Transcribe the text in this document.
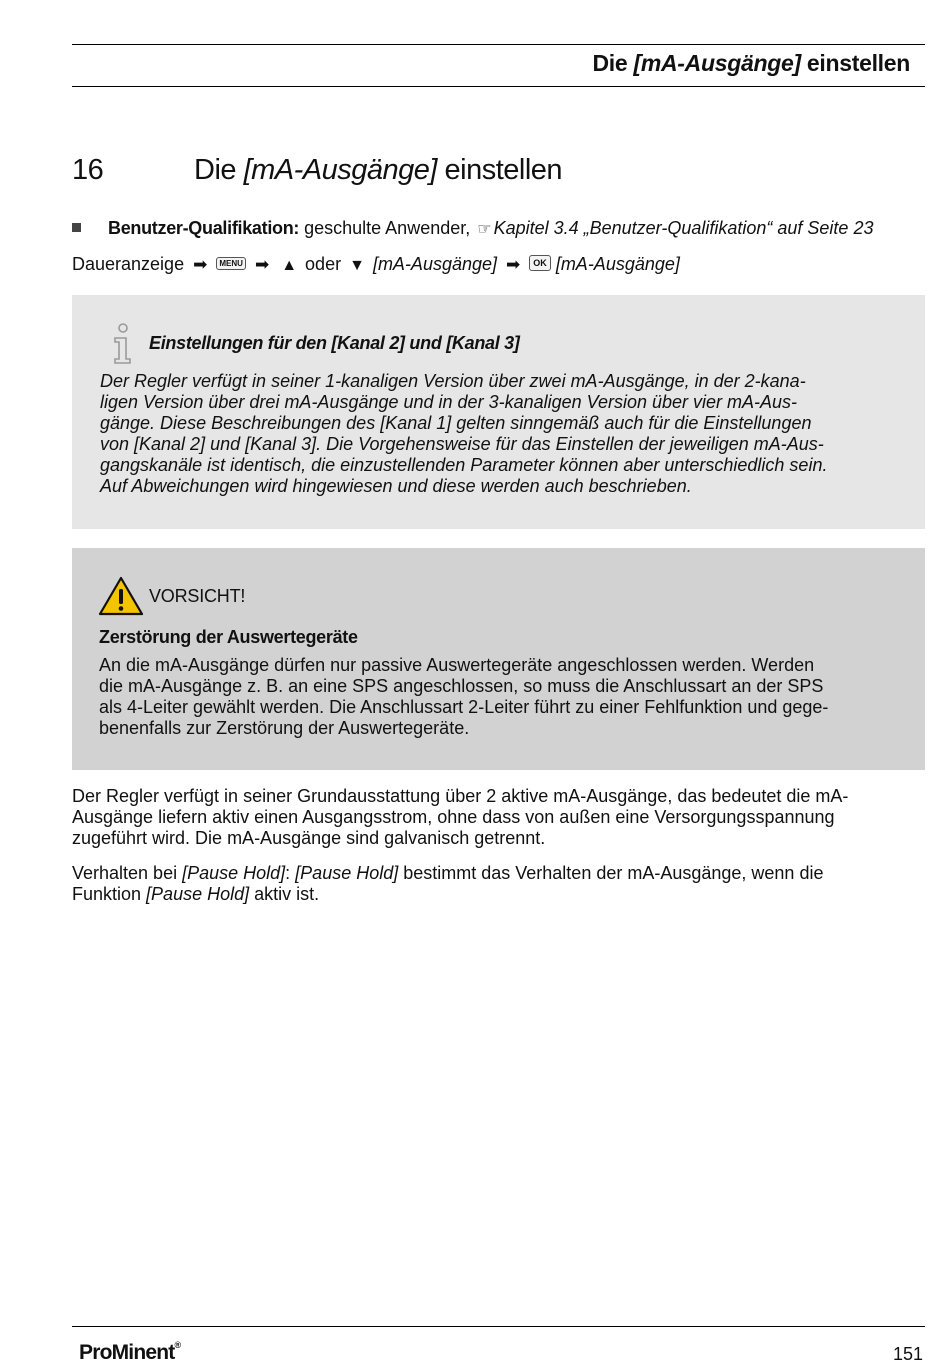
Die [mA-Ausgänge] einstellen
16	Die [mA-Ausgänge] einstellen
Benutzer-Qualifikation: geschulte Anwender, ☞ Kapitel 3.4 „Benutzer-Qualifikation“ auf Seite 23
Daueranzeige ➡ MENU ➡ ▲ oder ▼ [mA-Ausgänge] ➡ OK [mA-Ausgänge]
Einstellungen für den [Kanal 2] und [Kanal 3]

Der Regler verfügt in seiner 1-kanaligen Version über zwei mA-Ausgänge, in der 2-kana-
ligen Version über drei mA-Ausgänge und in der 3-kanaligen Version über vier mA-Aus-
gänge. Diese Beschreibungen des [Kanal 1] gelten sinngemäß auch für die Einstellungen
von [Kanal 2] und [Kanal 3]. Die Vorgehensweise für das Einstellen der jeweiligen mA-Aus-
gangskanäle ist identisch, die einzustellenden Parameter können aber unterschiedlich sein.
Auf Abweichungen wird hingewiesen und diese werden auch beschrieben.

VORSICHT!
Zerstörung der Auswertegeräte

An die mA-Ausgänge dürfen nur passive Auswertegeräte angeschlossen werden. Werden
die mA-Ausgänge z. B. an eine SPS angeschlossen, so muss die Anschlussart an der SPS
als 4-Leiter gewählt werden. Die Anschlussart 2-Leiter führt zu einer Fehlfunktion und gege-
benenfalls zur Zerstörung der Auswertegeräte.

Der Regler verfügt in seiner Grundausstattung über 2 aktive mA-Ausgänge, das bedeutet die mA-
Ausgänge liefern aktiv einen Ausgangsstrom, ohne dass von außen eine Versorgungsspannung
zugeführt wird. Die mA-Ausgänge sind galvanisch getrennt.

Verhalten bei [Pause Hold]: [Pause Hold] bestimmt das Verhalten der mA-Ausgänge, wenn die
Funktion [Pause Hold] aktiv ist.

ProMinent®	151
